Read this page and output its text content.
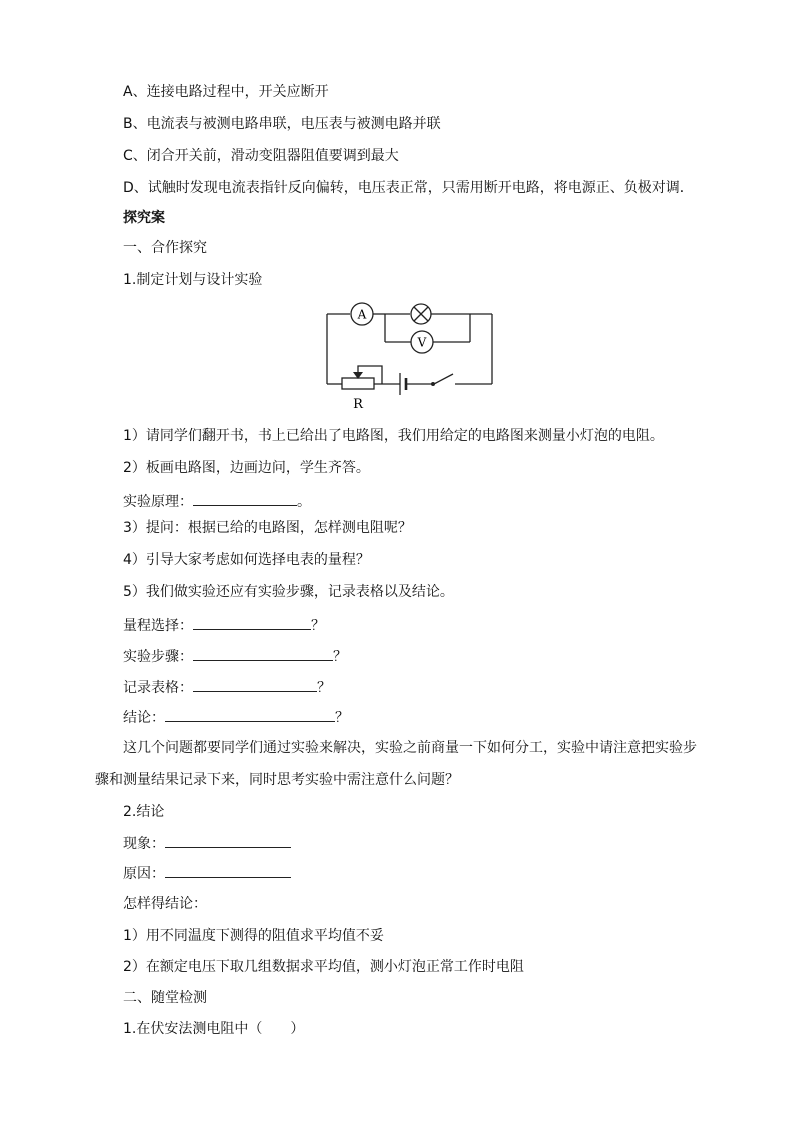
A、连接电路过程中，开关应断开
B、电流表与被测电路串联，电压表与被测电路并联
C、闭合开关前，滑动变阻器阻值要调到最大
D、试触时发现电流表指针反向偏转，电压表正常，只需用断开电路，将电源正、负极对调．
探究案
一、合作探究
1.制定计划与设计实验
A
V
R
1）请同学们翻开书，书上已给出了电路图，我们用给定的电路图来测量小灯泡的电阻。
2）板画电路图，边画边问，学生齐答。
实验原理：	。
3）提问：根据已给的电路图，怎样测电阻呢？
4）引导大家考虑如何选择电表的量程？
5）我们做实验还应有实验步骤，记录表格以及结论。
量程选择：	？
实验步骤：	？
记录表格：	？
结论：	？
这几个问题都要同学们通过实验来解决，实验之前商量一下如何分工，实验中请注意把实验步
骤和测量结果记录下来，同时思考实验中需注意什么问题？
2.结论
现象：
原因：
怎样得结论：
1）用不同温度下测得的阻值求平均值不妥
2）在额定电压下取几组数据求平均值，测小灯泡正常工作时电阻
二、随堂检测
1.在伏安法测电阻中（　　）
